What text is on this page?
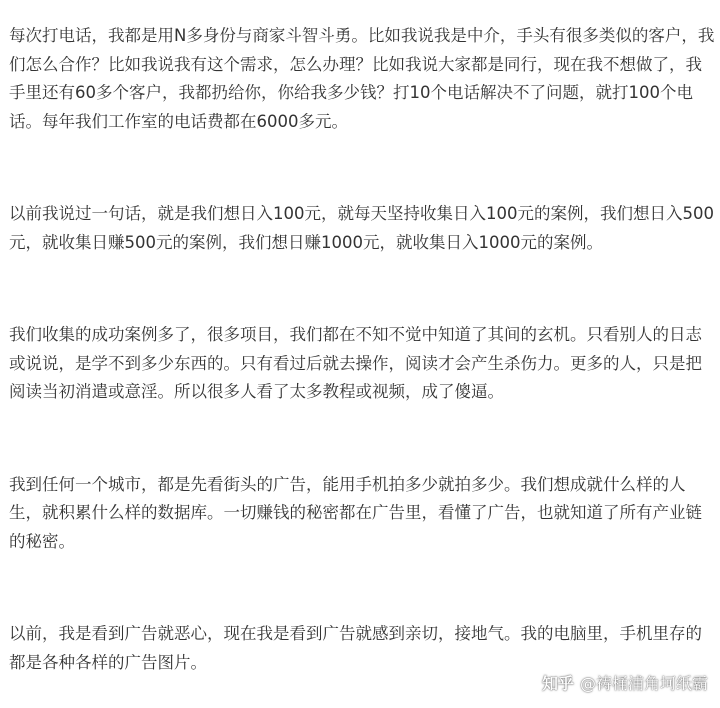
每次打电话，我都是用N多身份与商家斗智斗勇。比如我说我是中介，手头有很多类似的客户，我们怎么合作？比如我说我有这个需求，怎么办理？比如我说大家都是同行，现在我不想做了，我手里还有60多个客户，我都扔给你，你给我多少钱？打10个电话解决不了问题，就打100个电话。每年我们工作室的电话费都在6000多元。

以前我说过一句话，就是我们想日入100元，就每天坚持收集日入100元的案例，我们想日入500元，就收集日赚500元的案例，我们想日赚1000元，就收集日入1000元的案例。

我们收集的成功案例多了，很多项目，我们都在不知不觉中知道了其间的玄机。只看别人的日志或说说，是学不到多少东西的。只有看过后就去操作，阅读才会产生杀伤力。更多的人，只是把阅读当初消遣或意淫。所以很多人看了太多教程或视频，成了傻逼。

我到任何一个城市，都是先看街头的广告，能用手机拍多少就拍多少。我们想成就什么样的人生，就积累什么样的数据库。一切赚钱的秘密都在广告里，看懂了广告，也就知道了所有产业链的秘密。

以前，我是看到广告就恶心，现在我是看到广告就感到亲切，接地气。我的电脑里，手机里存的都是各种各样的广告图片。

知乎 @祷桶浦角坷纸霸
